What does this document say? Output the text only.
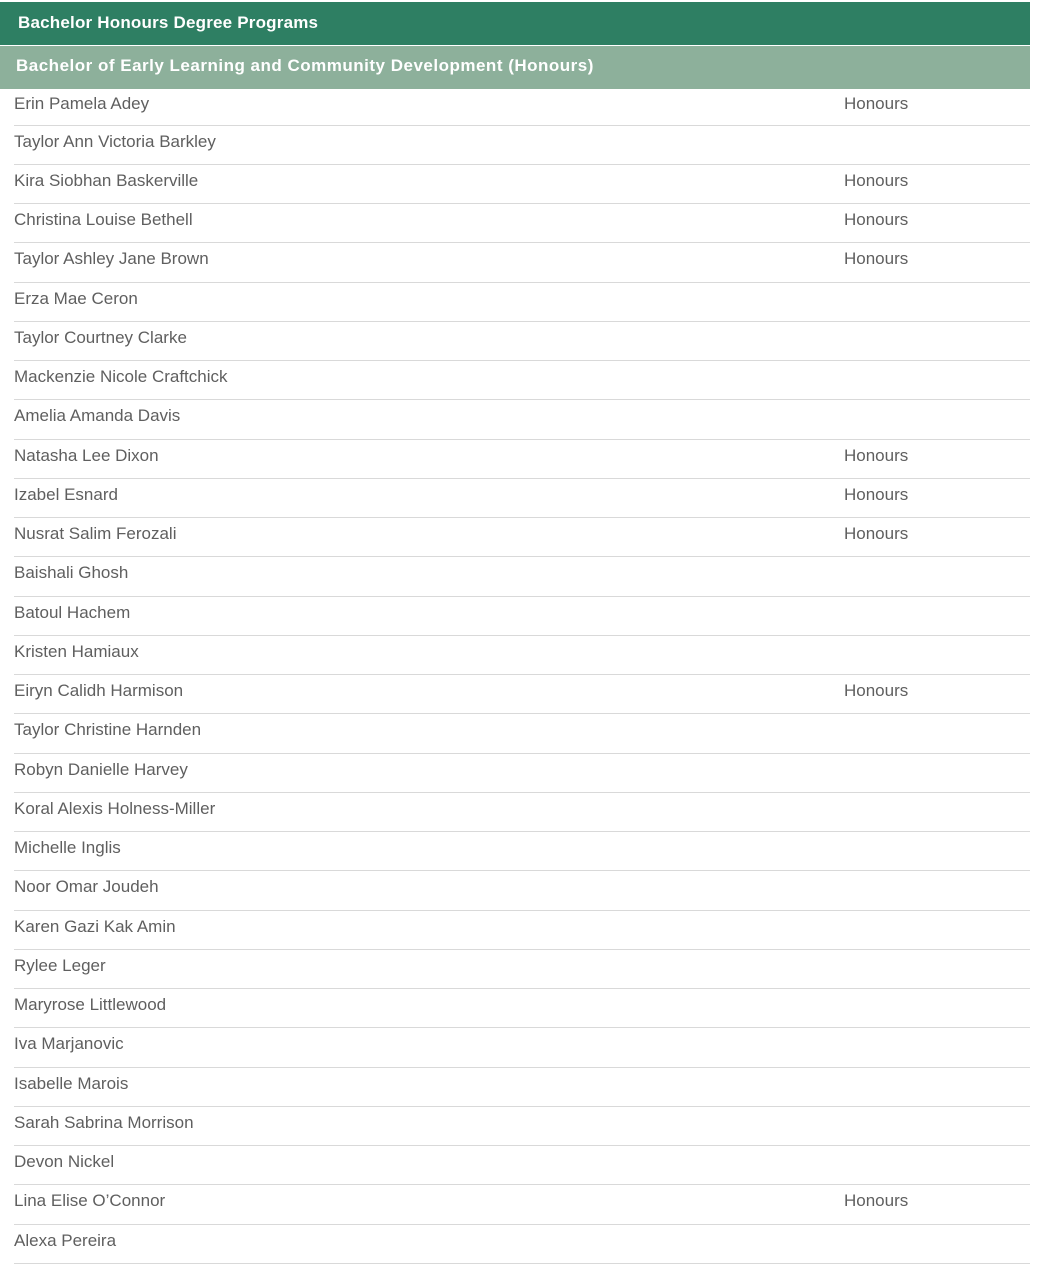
Bachelor Honours Degree Programs
Bachelor of Early Learning and Community Development (Honours)
Erin Pamela Adey	Honours
Taylor Ann Victoria Barkley
Kira Siobhan Baskerville	Honours
Christina Louise Bethell	Honours
Taylor Ashley Jane Brown	Honours
Erza Mae Ceron
Taylor Courtney Clarke
Mackenzie Nicole Craftchick
Amelia Amanda Davis
Natasha Lee Dixon	Honours
Izabel Esnard	Honours
Nusrat Salim Ferozali	Honours
Baishali Ghosh
Batoul Hachem
Kristen Hamiaux
Eiryn Calidh Harmison	Honours
Taylor Christine Harnden
Robyn Danielle Harvey
Koral Alexis Holness-Miller
Michelle Inglis
Noor Omar Joudeh
Karen Gazi Kak Amin
Rylee Leger
Maryrose Littlewood
Iva Marjanovic
Isabelle Marois
Sarah Sabrina Morrison
Devon Nickel
Lina Elise O’Connor	Honours
Alexa Pereira
